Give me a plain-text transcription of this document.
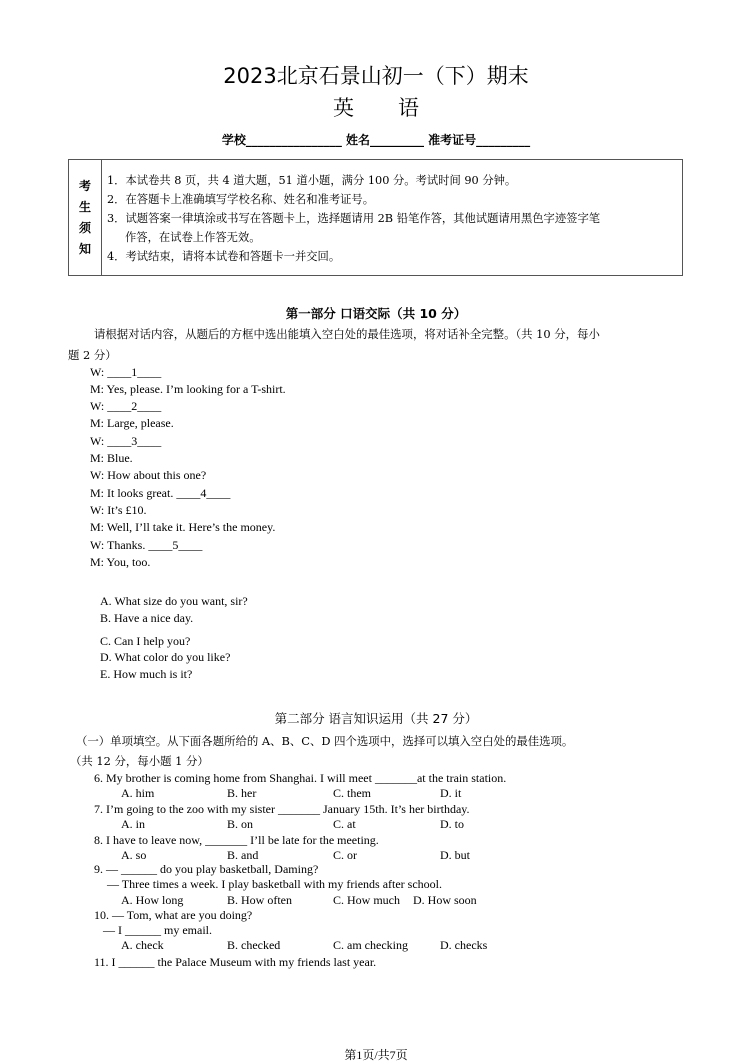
2023北京石景山初一（下）期末
英 语
学校________________ 姓名_________ 准考证号_________
考
生
须
知
1．本试卷共 8 页，共 4 道大题，51 道小题，满分 100 分。考试时间 90 分钟。
2．在答题卡上准确填写学校名称、姓名和准考证号。
3．试题答案一律填涂或书写在答题卡上，选择题请用 2B 铅笔作答，其他试题请用黑色字迹签字笔
作答，在试卷上作答无效。
4．考试结束，请将本试卷和答题卡一并交回。
第一部分 口语交际（共 10 分）
请根据对话内容，从题后的方框中选出能填入空白处的最佳选项，将对话补全完整。（共 10 分，每小
题 2 分）
W: ____1____
M: Yes, please. I’m looking for a T-shirt.
W: ____2____
M: Large, please.
W: ____3____
M: Blue.
W: How about this one?
M: It looks great. ____4____
W: It’s £10.
M: Well, I’ll take it. Here’s the money.
W: Thanks. ____5____
M: You, too.
A. What size do you want, sir?
B. Have a nice day.
C. Can I help you?
D. What color do you like?
E. How much is it?
第二部分 语言知识运用（共 27 分）
（一）单项填空。从下面各题所给的 A、B、C、D 四个选项中，选择可以填入空白处的最佳选项。
（共 12 分，每小题 1 分）
6. My brother is coming home from Shanghai. I will meet _______at the train station.
A. him	B. her	C. them	D. it
7. I’m going to the zoo with my sister _______ January 15th. It’s her birthday.
A. in	B. on	C. at	D. to
8. I have to leave now, _______ I’ll be late for the meeting.
A. so	B. and	C. or	D. but
9. — ______ do you play basketball, Daming?
— Three times a week. I play basketball with my friends after school.
A. How long	B. How often	C. How much D. How soon
10. — Tom, what are you doing?
— I ______ my email.
A. check	B. checked	C. am checking	D. checks
11. I ______ the Palace Museum with my friends last year.
第1页/共7页
